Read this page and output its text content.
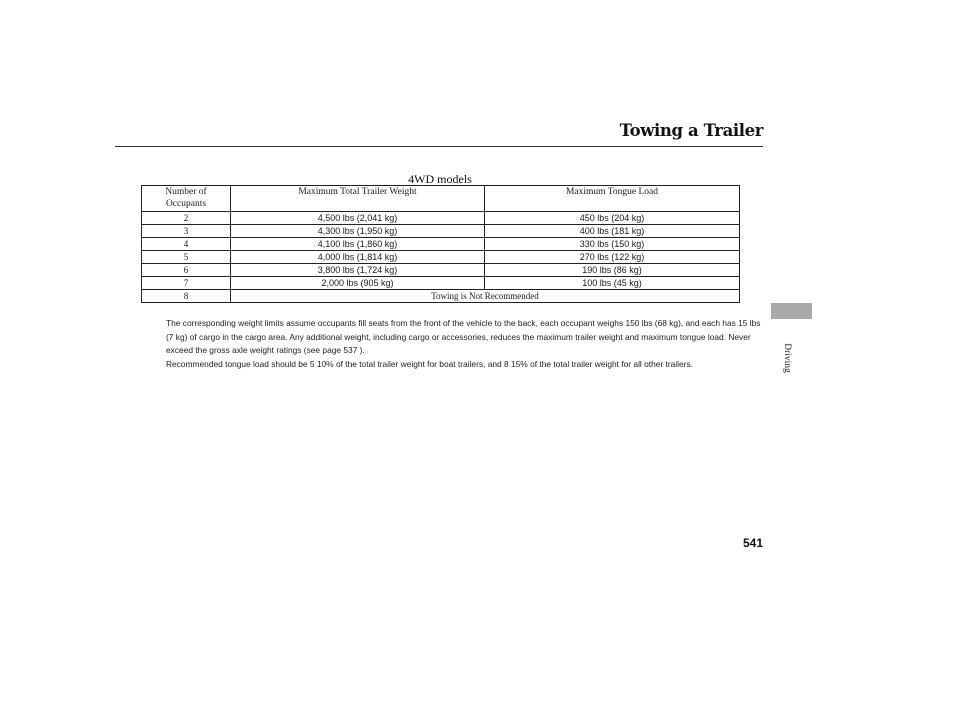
Towing a Trailer
4WD models
Number of
Occupants	Maximum Total Trailer Weight	Maximum Tongue Load
2	4,500 lbs (2,041 kg)	450 lbs (204 kg)
3	4,300 lbs (1,950 kg)	400 lbs (181 kg)
4	4,100 lbs (1,860 kg)	330 lbs (150 kg)
5	4,000 lbs (1,814 kg)	270 lbs (122 kg)
6	3,800 lbs (1,724 kg)	190 lbs (86 kg)
7	2,000 lbs (905 kg)	100 lbs (45 kg)
8	Towing is Not Recommended	

The corresponding weight limits assume occupants fill seats from the front of the vehicle to the back, each occupant weighs 150 lbs (68 kg), and each has 15 lbs (7 kg) of cargo in the cargo area. Any additional weight, including cargo or accessories, reduces the maximum trailer weight and maximum tongue load. Never exceed the gross axle weight ratings (see page 537 ).

Recommended tongue load should be 5 10% of the total trailer weight for boat trailers, and 8 15% of the total trailer weight for all other trailers.	Driving
541
